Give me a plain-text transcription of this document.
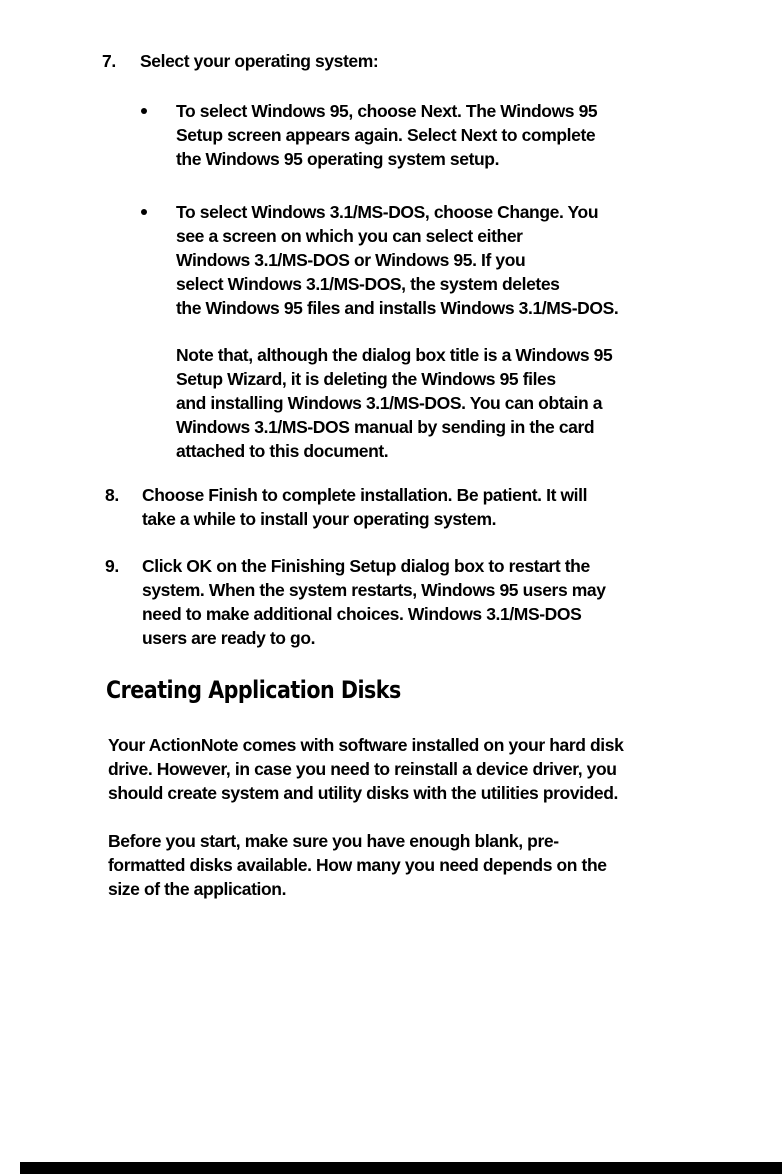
7. Select your operating system:
To select Windows 95, choose Next. The Windows 95
Setup screen appears again. Select Next to complete
the Windows 95 operating system setup.
To select Windows 3.1/MS-DOS, choose Change. You
see a screen on which you can select either
Windows 3.1/MS-DOS or Windows 95. If you
select Windows 3.1/MS-DOS, the system deletes
the Windows 95 files and installs Windows 3.1/MS-DOS.
Note that, although the dialog box title is a Windows 95
Setup Wizard, it is deleting the Windows 95 files
and installing Windows 3.1/MS-DOS. You can obtain a
Windows 3.1/MS-DOS manual by sending in the card
attached to this document.
8. Choose Finish to complete installation. Be patient. It will
take a while to install your operating system.
9. Click OK on the Finishing Setup dialog box to restart the
system. When the system restarts, Windows 95 users may
need to make additional choices. Windows 3.1/MS-DOS
users are ready to go.
Creating Application Disks
Your ActionNote comes with software installed on your hard disk
drive. However, in case you need to reinstall a device driver, you
should create system and utility disks with the utilities provided.
Before you start, make sure you have enough blank, pre-
formatted disks available. How many you need depends on the
size of the application.
